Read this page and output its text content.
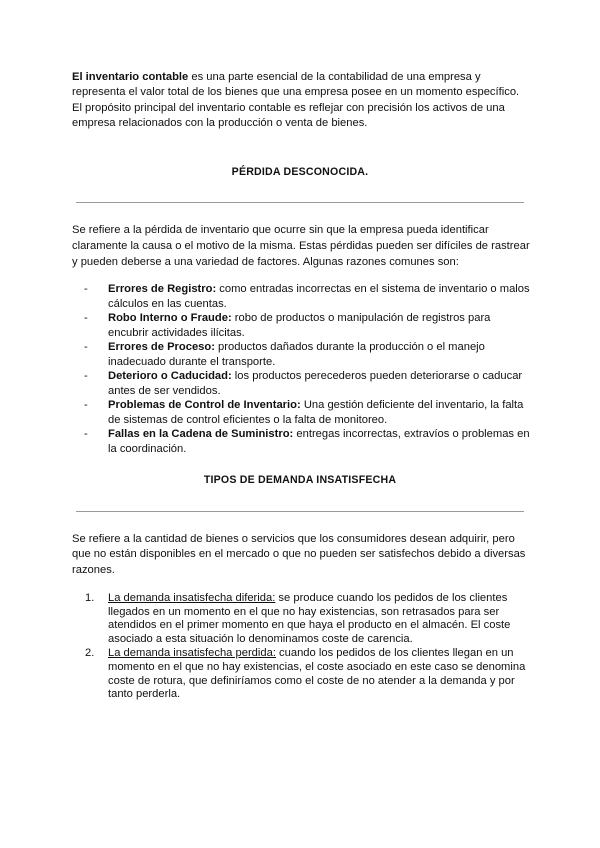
El inventario contable es una parte esencial de la contabilidad de una empresa y representa el valor total de los bienes que una empresa posee en un momento específico. El propósito principal del inventario contable es reflejar con precisión los activos de una empresa relacionados con la producción o venta de bienes.
PÉRDIDA DESCONOCIDA.
Se refiere a la pérdida de inventario que ocurre sin que la empresa pueda identificar claramente la causa o el motivo de la misma. Estas pérdidas pueden ser difíciles de rastrear y pueden deberse a una variedad de factores. Algunas razones comunes son:
- Errores de Registro: como entradas incorrectas en el sistema de inventario o malos cálculos en las cuentas.
- Robo Interno o Fraude: robo de productos o manipulación de registros para encubrir actividades ilícitas.
- Errores de Proceso: productos dañados durante la producción o el manejo inadecuado durante el transporte.
- Deterioro o Caducidad: los productos perecederos pueden deteriorarse o caducar antes de ser vendidos.
- Problemas de Control de Inventario: Una gestión deficiente del inventario, la falta de sistemas de control eficientes o la falta de monitoreo.
- Fallas en la Cadena de Suministro: entregas incorrectas, extravíos o problemas en la coordinación.
TIPOS DE DEMANDA INSATISFECHA
Se refiere a la cantidad de bienes o servicios que los consumidores desean adquirir, pero que no están disponibles en el mercado o que no pueden ser satisfechos debido a diversas razones.
1. La demanda insatisfecha diferida: se produce cuando los pedidos de los clientes llegados en un momento en el que no hay existencias, son retrasados para ser atendidos en el primer momento en que haya el producto en el almacén. El coste asociado a esta situación lo denominamos coste de carencia.
2. La demanda insatisfecha perdida: cuando los pedidos de los clientes llegan en un momento en el que no hay existencias, el coste asociado en este caso se denomina coste de rotura, que definiríamos como el coste de no atender a la demanda y por tanto perderla.
